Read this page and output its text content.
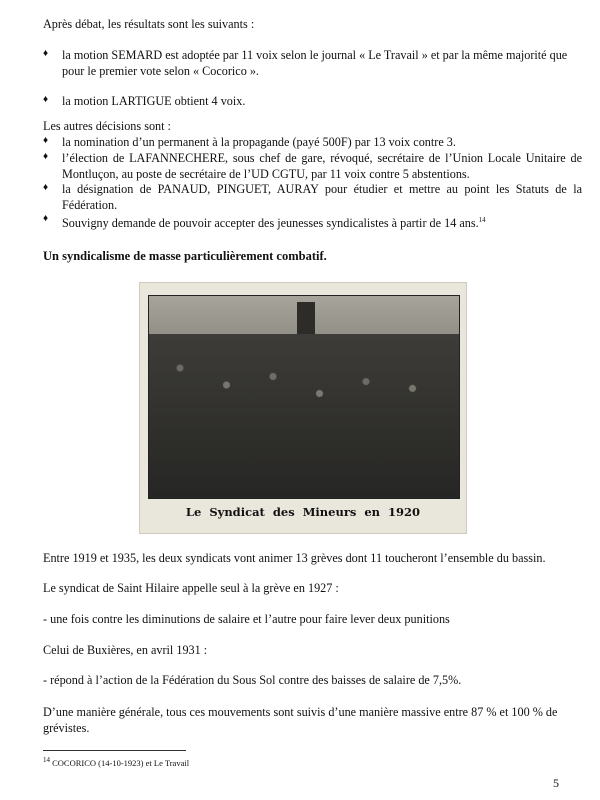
Après débat, les résultats sont les suivants :

♦ la motion SEMARD est adoptée par 11 voix selon le journal « Le Travail » et par la même majorité que pour le premier vote selon « Cocorico ».
♦ la motion LARTIGUE obtient 4 voix.

Les autres décisions sont :

♦ la nomination d’un permanent à la propagande (payé 500F) par 13 voix contre 3.
♦ l’élection de LAFANNECHERE, sous chef de gare, révoqué, secrétaire de l’Union Locale Unitaire de Montluçon, au poste de secrétaire de l’UD CGTU, par 11 voix contre 5 abstentions.
♦ la désignation de PANAUD, PINGUET, AURAY pour étudier et mettre au point les Statuts de la Fédération.
♦ Souvigny demande de pouvoir accepter des jeunesses syndicalistes à partir de 14 ans.$^{14}$
Un syndicalisme de masse particulièrement combatif.
Le Syndicat des Mineurs en 1920

Entre 1919 et 1935, les deux syndicats vont animer 13 grèves dont 11 toucheront l’ensemble du bassin.

Le syndicat de Saint Hilaire appelle seul à la grève en 1927 :

- une fois contre les diminutions de salaire et l’autre pour faire lever deux punitions

Celui de Buxières, en avril 1931 :

- répond à l’action de la Fédération du Sous Sol contre des baisses de salaire de 7,5%.

D’une manière générale, tous ces mouvements sont suivis d’une manière massive entre 87 % et 100 % de grévistes.

$^{14}$ COCORICO (14-10-1923) et Le Travail
5
